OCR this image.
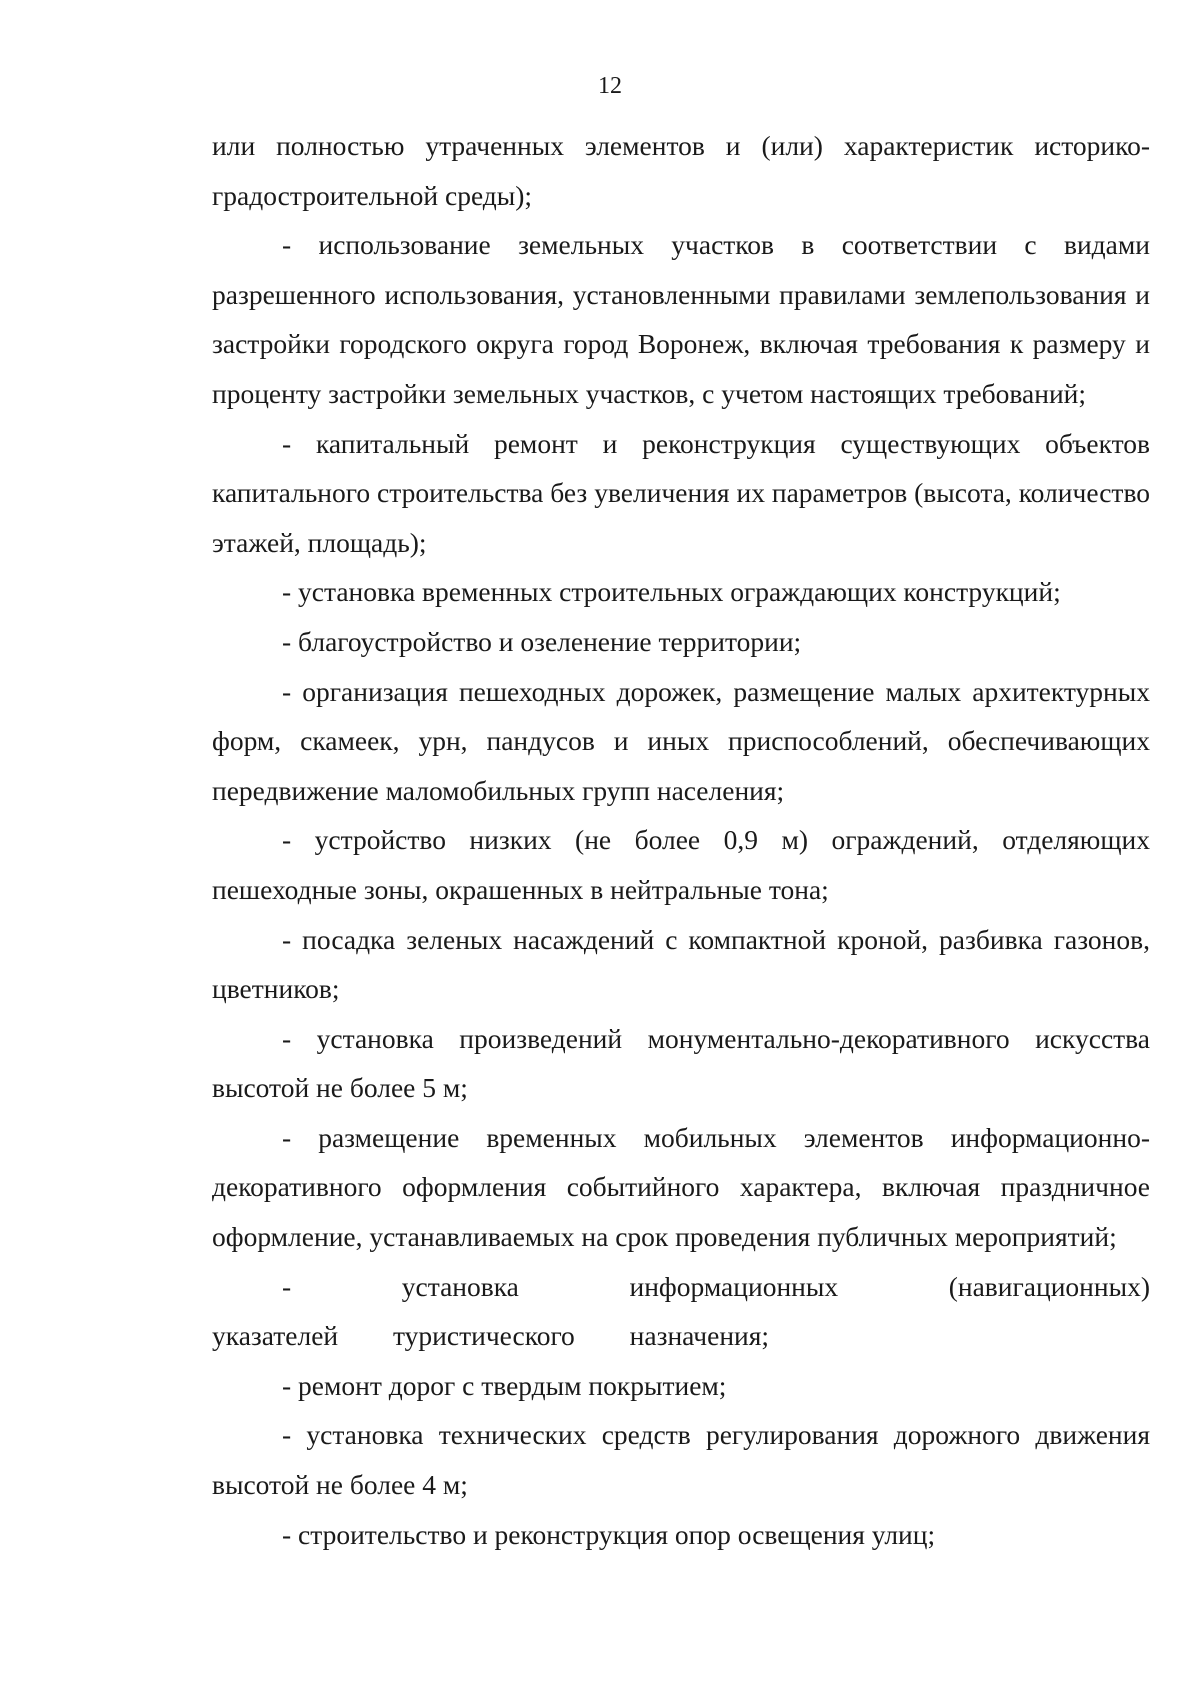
12

или полностью утраченных элементов и (или) характеристик историко-градостроительной среды);

- использование земельных участков в соответствии с видами разрешенного использования, установленными правилами землепользования и застройки городского округа город Воронеж, включая требования к размеру и проценту застройки земельных участков, с учетом настоящих требований;

- капитальный ремонт и реконструкция существующих объектов капитального строительства без увеличения их параметров (высота, количество этажей, площадь);

- установка временных строительных ограждающих конструкций;

- благоустройство и озеленение территории;

- организация пешеходных дорожек, размещение малых архитектурных форм, скамеек, урн, пандусов и иных приспособлений, обеспечивающих передвижение маломобильных групп населения;

- устройство низких (не более 0,9 м) ограждений, отделяющих пешеходные зоны, окрашенных в нейтральные тона;

- посадка зеленых насаждений с компактной кроной, разбивка газонов, цветников;

- установка произведений монументально-декоративного искусства высотой не более 5 м;

- размещение временных мобильных элементов информационно-декоративного оформления событийного характера, включая праздничное оформление, устанавливаемых на срок проведения публичных мероприятий;

- установка информационных (навигационных) указателей туристического назначения;

- ремонт дорог с твердым покрытием;

- установка технических средств регулирования дорожного движения высотой не более 4 м;

- строительство и реконструкция опор освещения улиц;
